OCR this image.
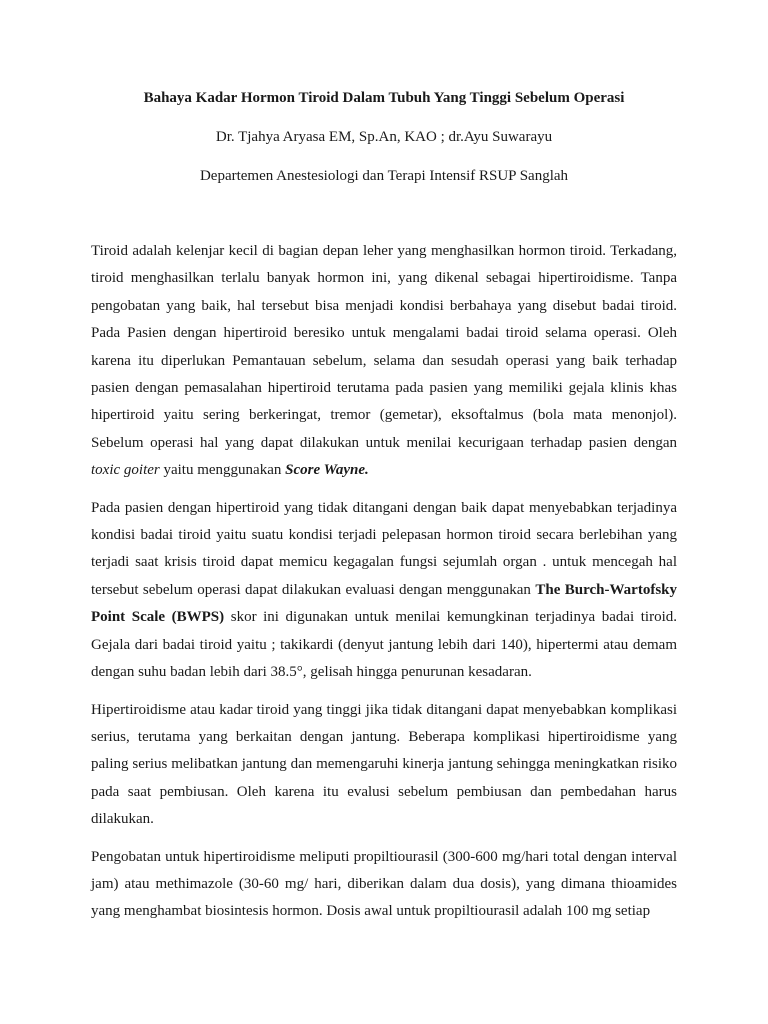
Bahaya Kadar Hormon Tiroid Dalam Tubuh Yang Tinggi Sebelum Operasi

Dr. Tjahya Aryasa EM, Sp.An, KAO ; dr.Ayu Suwarayu

Departemen Anestesiologi dan Terapi Intensif RSUP Sanglah

Tiroid adalah kelenjar kecil di bagian depan leher yang menghasilkan hormon tiroid. Terkadang, tiroid menghasilkan terlalu banyak hormon ini, yang dikenal sebagai hipertiroidisme. Tanpa pengobatan yang baik, hal tersebut bisa menjadi kondisi berbahaya yang disebut badai tiroid. Pada Pasien dengan hipertiroid beresiko untuk mengalami badai tiroid selama operasi. Oleh karena itu diperlukan Pemantauan sebelum, selama dan sesudah operasi yang baik terhadap pasien dengan pemasalahan hipertiroid terutama pada pasien yang memiliki gejala klinis khas hipertiroid yaitu sering berkeringat, tremor (gemetar), eksoftalmus (bola mata menonjol). Sebelum operasi hal yang dapat dilakukan untuk menilai kecurigaan terhadap pasien dengan toxic goiter yaitu menggunakan Score Wayne.

Pada pasien dengan hipertiroid yang tidak ditangani dengan baik dapat menyebabkan terjadinya kondisi badai tiroid yaitu suatu kondisi terjadi pelepasan hormon tiroid secara berlebihan yang terjadi saat krisis tiroid dapat memicu kegagalan fungsi sejumlah organ . untuk mencegah hal tersebut sebelum operasi dapat dilakukan evaluasi dengan menggunakan The Burch-Wartofsky Point Scale (BWPS) skor ini digunakan untuk menilai kemungkinan terjadinya badai tiroid. Gejala dari badai tiroid yaitu ; takikardi (denyut jantung lebih dari 140), hipertermi atau demam dengan suhu badan lebih dari 38.5°, gelisah hingga penurunan kesadaran.

Hipertiroidisme atau kadar tiroid yang tinggi jika tidak ditangani dapat menyebabkan komplikasi serius, terutama yang berkaitan dengan jantung. Beberapa komplikasi hipertiroidisme yang paling serius melibatkan jantung dan memengaruhi kinerja jantung sehingga meningkatkan risiko pada saat pembiusan. Oleh karena itu evalusi sebelum pembiusan dan pembedahan harus dilakukan.

Pengobatan untuk hipertiroidisme meliputi propiltiourasil (300-600 mg/hari total dengan interval jam) atau methimazole (30-60 mg/ hari, diberikan dalam dua dosis), yang dimana thioamides yang menghambat biosintesis hormon. Dosis awal untuk propiltiourasil adalah 100 mg setiap
